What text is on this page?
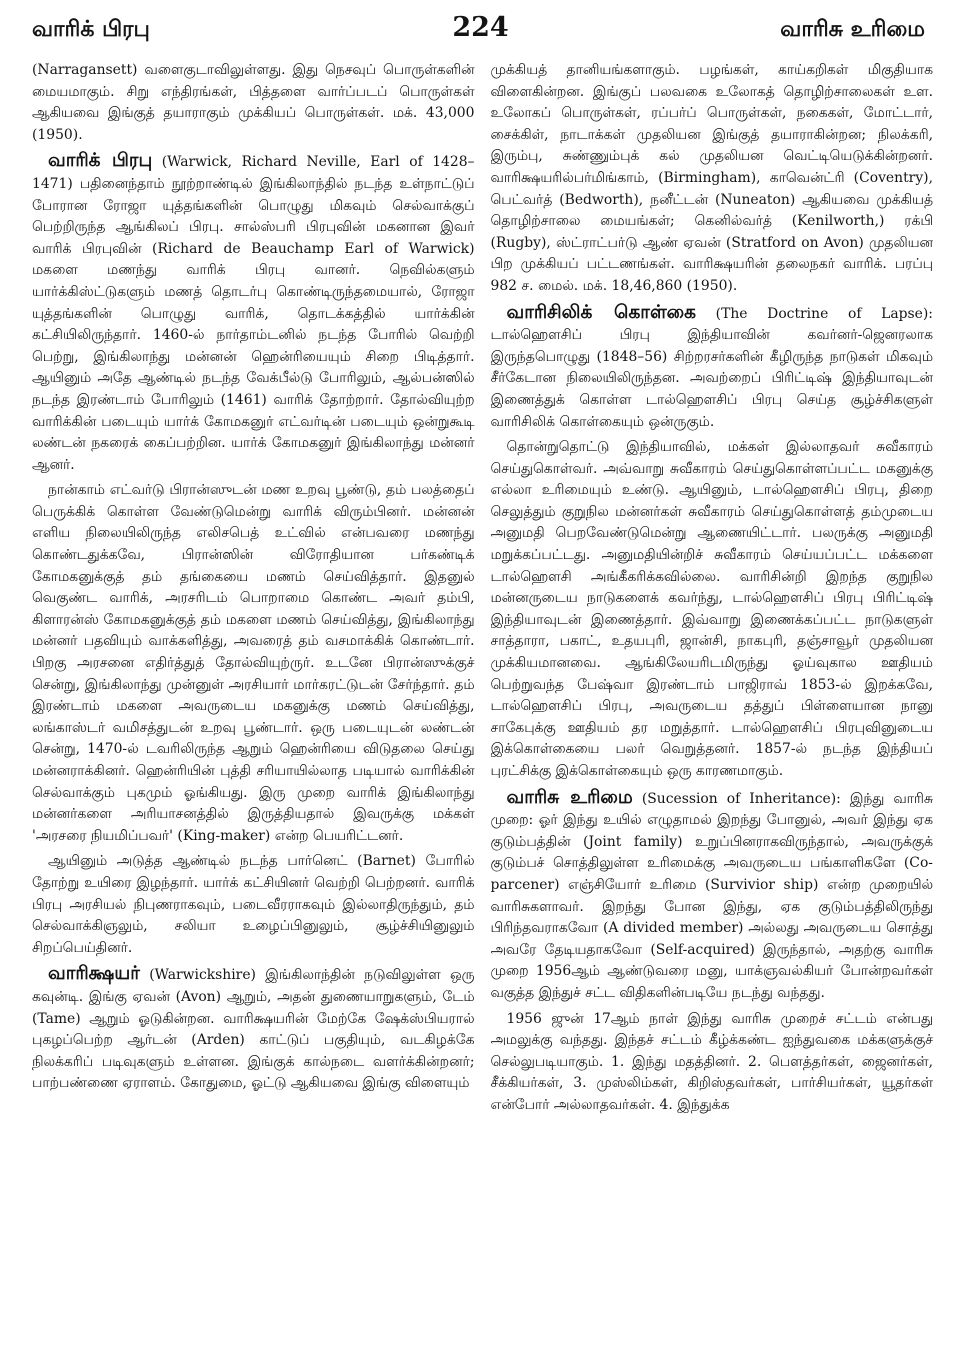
வாரிக் பிரபு	224	வாரிசு உரிமை

(Narragansett) வளைகுடாவிலுள்ளது. இது நெசவுப் பொருள்களின் மையமாகும். சிறு எந்திரங்கள், பித்தளை வார்ப்படப் பொருள்கள் ஆகியவை இங்குத் தயாராகும் முக்கியப் பொருள்கள். மக். 43,000 (1950).

வாரிக் பிரபு (Warwick, Richard Neville, Earl of 1428–1471) பதினைந்தாம் நூற்றாண்டில் இங்கிலாந்தில் நடந்த உள்நாட்டுப் போரான ரோஜா யுத்தங்களின் பொழுது மிகவும் செல்வாக்குப் பெற்றிருந்த ஆங்கிலப் பிரபு. சால்ஸ்பரி பிரபுவின் மகனான இவர் வாரிக் பிரபுவின் (Richard de Beauchamp Earl of Warwick) மகளை மணந்து வாரிக் பிரபு வானர். நெவில்களும் யார்க்கிஸ்ட்டுகளும் மணத் தொடர்பு கொண்டிருந்தமையால், ரோஜா யுத்தங்களின் பொழுது வாரிக், தொடக்கத்தில் யார்க்கின் கட்சியிலிருந்தார். 1460-ல் நார்தாம்டனில் நடந்த போரில் வெற்றி பெற்று, இங்கிலாந்து மன்னன் ஹென்ரியையும் சிறை பிடித்தார். ஆயினும் அதே ஆண்டில் நடந்த வேக்பீல்டு போரிலும், ஆல்பன்ஸில் நடந்த இரண்டாம் போரிலும் (1461) வாரிக் தோற்றார். தோல்வியுற்ற வாரிக்கின் படையும் யார்க் கோமகனுர் எட்வர்டின் படையும் ஒன்றுகூடி லண்டன் நகரைக் கைப்பற்றின. யார்க் கோமகனுர் இங்கிலாந்து மன்னர் ஆனர்.

நான்காம் எட்வர்டு பிரான்ஸுடன் மண உறவு பூண்டு, தம் பலத்தைப் பெருக்கிக் கொள்ள வேண்டுமென்று வாரிக் விரும்பினர். மன்னன் எளிய நிலையிலிருந்த எலிசபெத் உட்வில் என்பவரை மணந்து கொண்டதுக்கவே, பிரான்ஸின் விரோதியான பர்கண்டிக் கோமகனுக்குத் தம் தங்கையை மணம் செய்வித்தார். இதனுல் வெகுண்ட வாரிக், அரசரிடம் பொறாமை கொண்ட அவர் தம்பி, கிளாரன்ஸ் கோமகனுக்குத் தம் மகளை மணம் செய்வித்து, இங்கிலாந்து மன்னர் பதவியும் வாக்களித்து, அவரைத் தம் வசமாக்கிக் கொண்டார். பிறகு அரசனை எதிர்த்துத் தோல்வியுற்ருர். உடனே பிரான்ஸுக்குச் சென்று, இங்கிலாந்து முன்னுள் அரசியார் மார்கரட்டுடன் சேர்ந்தார். தம் இரண்டாம் மகளை அவருடைய மகனுக்கு மணம் செய்வித்து, லங்காஸ்டர் வமிசத்துடன் உறவு பூண்டார். ஒரு படையுடன் லண்டன் சென்று, 1470-ல் டவரிலிருந்த ஆறும் ஹென்ரியை விடுதலை செய்து மன்னராக்கினர். ஹென்ரியின் புத்தி சரியாயில்லாத படியால் வாரிக்கின் செல்வாக்கும் புகமும் ஓங்கியது. இரு முறை வாரிக் இங்கிலாந்து மன்னர்களை அரியாசனத்தில் இருத்தியதால் இவருக்கு மக்கள் 'அரசரை நியமிப்பவர்' (King-maker) என்ற பெயரிட்டனர்.

ஆயினும் அடுத்த ஆண்டில் நடந்த பார்னெட் (Barnet) போரில் தோற்று உயிரை இழந்தார். யார்க் கட்சியினர் வெற்றி பெற்றனர். வாரிக் பிரபு அரசியல் நிபுணராகவும், படைவீரராகவும் இல்லாதிருந்தும், தம் செல்வாக்கிஞலும், சலியா உழைப்பினுலும், சூழ்ச்சியினுலும் சிறப்பெய்தினர்.

வாரிக்ஷயர் (Warwickshire) இங்கிலாந்தின் நடுவிலுள்ள ஒரு கவுன்டி. இங்கு ஏவன் (Avon) ஆறும், அதன் துணையாறுகளும், டேம் (Tame) ஆறும் ஓடுகின்றன. வாரிக்ஷயரின் மேற்கே ஷேக்ஸ்பியரால் புகழப்பெற்ற ஆர்டன் (Arden) காட்டுப் பகுதியும், வடகிழக்கே நிலக்கரிப் படிவுகளும் உள்ளன. இங்குக் கால்நடை வளர்க்கின்றனர்; பாற்பண்ணை ஏராளம். கோதுமை, ஓட்டு ஆகியவை இங்கு விளையும்

முக்கியத் தானியங்களாகும். பழங்கள், காய்கறிகள் மிகுதியாக விளைகின்றன. இங்குப் பலவகை உலோகத் தொழிற்சாலைகள் உள. உலோகப் பொருள்கள், ரப்பர்ப் பொருள்கள், நகைகள், மோட்டார், சைக்கிள், நாடாக்கள் முதலியன இங்குத் தயாராகின்றன; நிலக்கரி, இரும்பு, சுண்ணும்புக் கல் முதலியன வெட்டியெடுக்கின்றனர். வாரிக்ஷயரில்பர்மிங்காம், (Birmingham), காவென்ட்ரி (Coventry), பெட்வர்த் (Bedworth), நனீட்டன் (Nuneaton) ஆகியவை முக்கியத் தொழிற்சாலை மையங்கள்; கெனில்வர்த் (Kenilworth,) ரக்பி (Rugby), ஸ்ட்ராட்பர்டு ஆண் ஏவன் (Stratford on Avon) முதலியன பிற முக்கியப் பட்டணங்கள். வாரிக்ஷயரின் தலைநகர் வாரிக். பரப்பு 982 ச. மைல். மக். 18,46,860 (1950).

வாரிசிலிக் கொள்கை (The Doctrine of Lapse): டால்ஹெளசிப் பிரபு இந்தியாவின் கவர்னர்-ஜெனரலாக இருந்தபொழுது (1848–56) சிற்றரசர்களின் கீழிருந்த நாடுகள் மிகவும் சீர்கேடான நிலையிலிருந்தன. அவற்றைப் பிரிட்டிஷ் இந்தியாவுடன் இணைத்துக் கொள்ள டால்ஹெளசிப் பிரபு செய்த சூழ்ச்சிகளுள் வாரிசிலிக் கொள்கையும் ஒன்ருகும்.

தொன்றுதொட்டு இந்தியாவில், மக்கள் இல்லாதவர் சுவீகாரம் செய்துகொள்வர். அவ்வாறு சுவீகாரம் செய்துகொள்ளப்பட்ட மகனுக்கு எல்லா உரிமையும் உண்டு. ஆயினும், டால்ஹெளசிப் பிரபு, திறை செலுத்தும் குறுநில மன்னர்கள் சுவீகாரம் செய்துகொள்ளத் தம்முடைய அனுமதி பெறவேண்டுமென்று ஆணையிட்டார். பலருக்கு அனுமதி மறுக்கப்பட்டது. அனுமதியின்றிச் சுவீகாரம் செய்யப்பட்ட மக்களை டால்ஹெளசி அங்கீகரிக்கவில்லை. வாரிசின்றி இறந்த குறுநில மன்னருடைய நாடுகளைக் கவர்ந்து, டால்ஹெளசிப் பிரபு பிரிட்டிஷ் இந்தியாவுடன் இணைத்தார். இவ்வாறு இணைக்கப்பட்ட நாடுகளுள் சாத்தாரா, பகாட், உதயபுரி, ஜான்சி, நாகபுரி, தஞ்சாவூர் முதலியன முக்கியமானவை. ஆங்கிலேயரிடமிருந்து ஓய்வுகால ஊதியம் பெற்றுவந்த பேஷ்வா இரண்டாம் பாஜிராவ் 1853-ல் இறக்கவே, டால்ஹெளசிப் பிரபு, அவருடைய தத்துப் பிள்ளையான நானு சாகேபுக்கு ஊதியம் தர மறுத்தார். டால்ஹெளசிப் பிரபுவினுடைய இக்கொள்கையை பலர் வெறுத்தனர். 1857-ல் நடந்த இந்தியப் புரட்சிக்கு இக்கொள்கையும் ஒரு காரணமாகும்.

வாரிசு உரிமை (Sucession of Inheritance): இந்து வாரிசு முறை: ஓர் இந்து உயில் எழுதாமல் இறந்து போனுல், அவர் இந்து ஏக குடும்பத்தின் (Joint family) உறுப்பினராகவிருந்தால், அவருக்குக் குடும்பச் சொத்திலுள்ள உரிமைக்கு அவருடைய பங்காளிகளே (Co-parcener) எஞ்சியோர் உரிமை (Survivior ship) என்ற முறையில் வாரிசுகளாவர். இறந்து போன இந்து, ஏக குடும்பத்திலிருந்து பிரிந்தவராகவோ (A divided member) அல்லது அவருடைய சொத்து அவரே தேடியதாகவோ (Self-acquired) இருந்தால், அதற்கு வாரிசு முறை 1956ஆம் ஆண்டுவரை மனு, யாக்ஞவல்கியர் போன்றவர்கள் வகுத்த இந்துச் சட்ட விதிகளின்படியே நடந்து வந்தது.

1956 ஜுன் 17ஆம் நாள் இந்து வாரிசு முறைச் சட்டம் என்பது அமலுக்கு வந்தது. இந்தச் சட்டம் கீழ்க்கண்ட ஐந்துவகை மக்களுக்குச் செல்லுபடியாகும். 1. இந்து மதத்தினர். 2. பௌத்தர்கள், ஜைனர்கள், சீக்கியர்கள், 3. முஸ்லிம்கள், கிறிஸ்தவர்கள், பார்சியர்கள், யூதர்கள் என்போர் அல்லாதவர்கள். 4. இந்துக்க
